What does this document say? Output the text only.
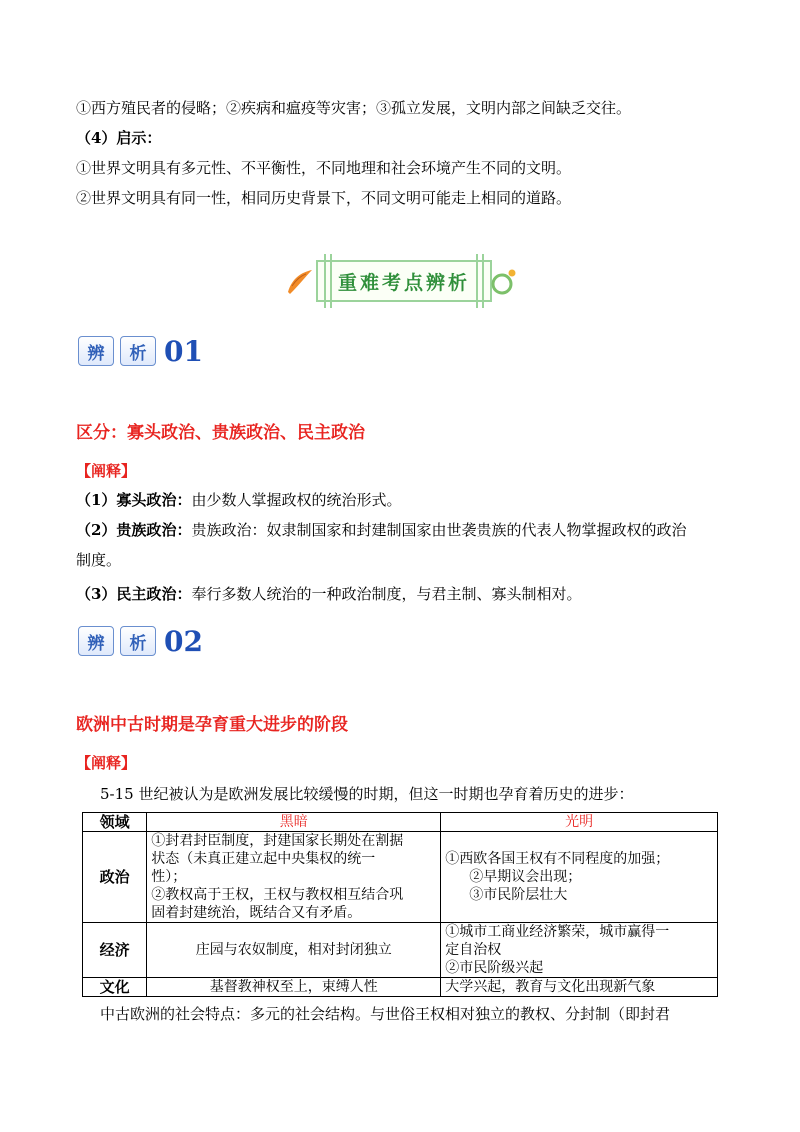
①西方殖民者的侵略；②疾病和瘟疫等灾害；③孤立发展，文明内部之间缺乏交往。
（4）启示：
①世界文明具有多元性、不平衡性，不同地理和社会环境产生不同的文明。
②世界文明具有同一性，相同历史背景下，不同文明可能走上相同的道路。
重难考点辨析
辨	析 01
区分：寡头政治、贵族政治、民主政治
【阐释】
（1）寡头政治：由少数人掌握政权的统治形式。
（2）贵族政治：贵族政治：奴隶制国家和封建制国家由世袭贵族的代表人物掌握政权的政治
制度。
（3）民主政治：奉行多数人统治的一种政治制度，与君主制、寡头制相对。
辨	析 02
欧洲中古时期是孕育重大进步的阶段
【阐释】
5-15 世纪被认为是欧洲发展比较缓慢的时期，但这一时期也孕育着历史的进步：
领域	黑暗	光明
政治	①封君封臣制度，封建国家长期处在割据
状态（未真正建立起中央集权的统一
性）；
②教权高于王权，王权与教权相互结合巩
固着封建统治，既结合又有矛盾。	①西欧各国王权有不同程度的加强；
②早期议会出现；
③市民阶层壮大

经济	庄园与农奴制度，相对封闭独立	①城市工商业经济繁荣，城市赢得一
定自治权
②市民阶级兴起

文化	基督教神权至上，束缚人性	大学兴起，教育与文化出现新气象
中古欧洲的社会特点：多元的社会结构。与世俗王权相对独立的教权、分封制（即封君
